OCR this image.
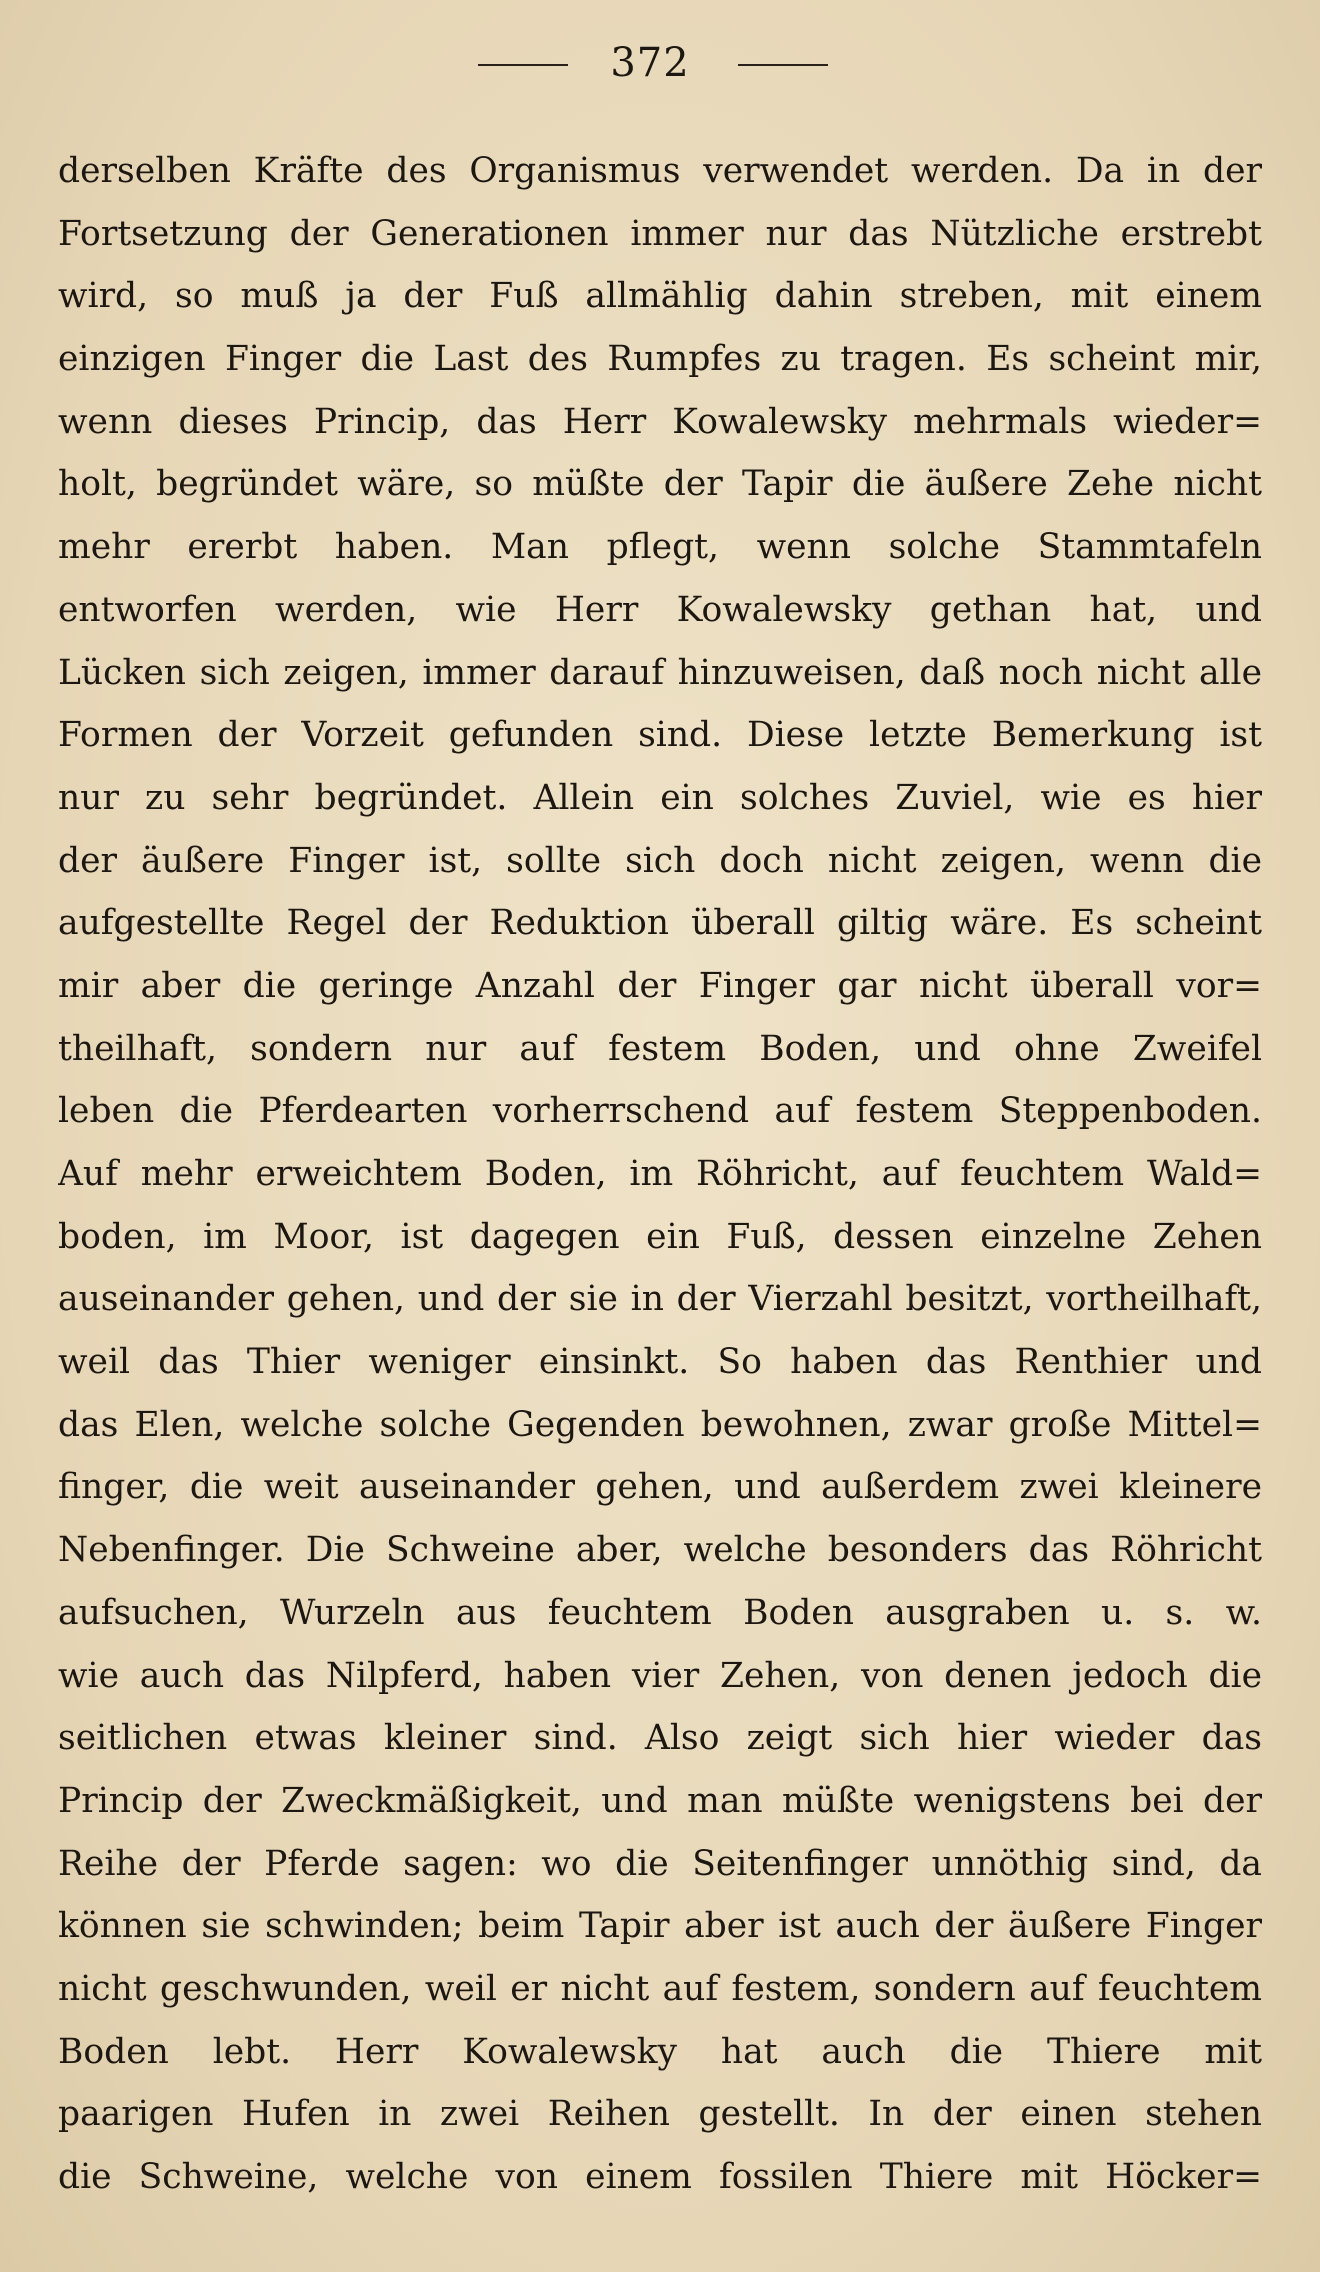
372
derselben Kräfte des Organismus verwendet werden. Da in der
Fortsetzung der Generationen immer nur das Nützliche erstrebt
wird, so muß ja der Fuß allmählig dahin streben, mit einem
einzigen Finger die Last des Rumpfes zu tragen. Es scheint mir,
wenn dieses Princip, das Herr Kowalewsky mehrmals wieder=
holt, begründet wäre, so müßte der Tapir die äußere Zehe nicht
mehr ererbt haben. Man pflegt, wenn solche Stammtafeln
entworfen werden, wie Herr Kowalewsky gethan hat, und
Lücken sich zeigen, immer darauf hinzuweisen, daß noch nicht alle
Formen der Vorzeit gefunden sind. Diese letzte Bemerkung ist
nur zu sehr begründet. Allein ein solches Zuviel, wie es hier
der äußere Finger ist, sollte sich doch nicht zeigen, wenn die
aufgestellte Regel der Reduktion überall giltig wäre. Es scheint
mir aber die geringe Anzahl der Finger gar nicht überall vor=
theilhaft, sondern nur auf festem Boden, und ohne Zweifel
leben die Pferdearten vorherrschend auf festem Steppenboden.
Auf mehr erweichtem Boden, im Röhricht, auf feuchtem Wald=
boden, im Moor, ist dagegen ein Fuß, dessen einzelne Zehen
auseinander gehen, und der sie in der Vierzahl besitzt, vortheilhaft,
weil das Thier weniger einsinkt. So haben das Renthier und
das Elen, welche solche Gegenden bewohnen, zwar große Mittel=
finger, die weit auseinander gehen, und außerdem zwei kleinere
Nebenfinger. Die Schweine aber, welche besonders das Röhricht
aufsuchen, Wurzeln aus feuchtem Boden ausgraben u. s. w.
wie auch das Nilpferd, haben vier Zehen, von denen jedoch die
seitlichen etwas kleiner sind. Also zeigt sich hier wieder das
Princip der Zweckmäßigkeit, und man müßte wenigstens bei der
Reihe der Pferde sagen: wo die Seitenfinger unnöthig sind, da
können sie schwinden; beim Tapir aber ist auch der äußere Finger
nicht geschwunden, weil er nicht auf festem, sondern auf feuchtem
Boden lebt. Herr Kowalewsky hat auch die Thiere mit
paarigen Hufen in zwei Reihen gestellt. In der einen stehen
die Schweine, welche von einem fossilen Thiere mit Höcker=
